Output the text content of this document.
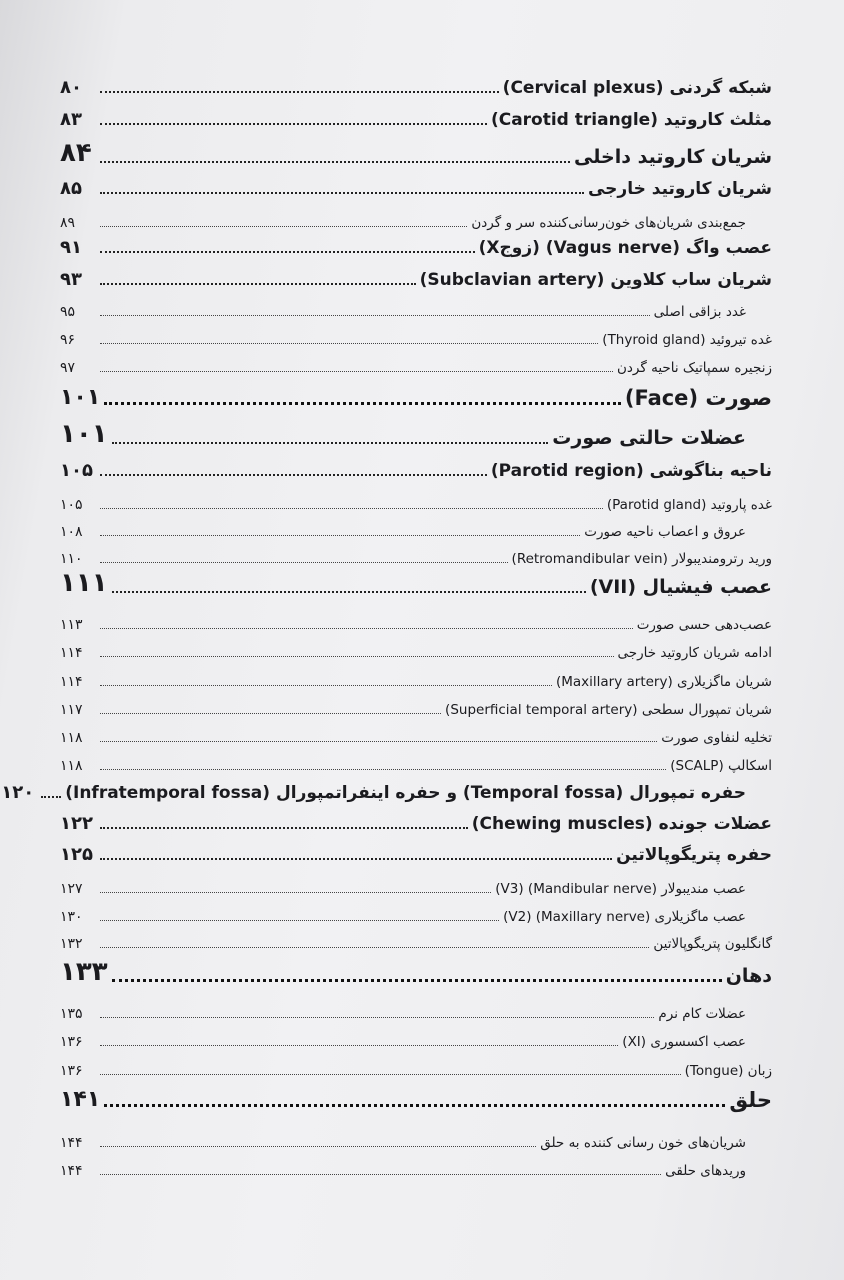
شبکه گردنی (Cervical plexus)
۸۰
مثلث کاروتید (Carotid triangle)
۸۳
شریان کاروتید داخلی
۸۴
شریان کاروتید خارجی
۸۵
جمع‌بندی شریان‌های خون‌رسانی‌کننده سر و گردن
۸۹
عصب واگ (Vagus nerve) (زوجX)
۹۱
شریان ساب کلاوین (Subclavian artery)
۹۳
غدد بزاقی اصلی
۹۵
غده تیروئید (Thyroid gland)
۹۶
زنجیره سمپاتیک ناحیه گردن
۹۷
صورت (Face)
۱۰۱
عضلات حالتی صورت
۱۰۱
ناحیه بناگوشی (Parotid region)
۱۰۵
غده پاروتید (Parotid gland)
۱۰۵
عروق و اعصاب ناحیه صورت
۱۰۸
ورید رترومندیبولار (Retromandibular vein)
۱۱۰
عصب فیشیال (VII)
۱۱۱
عصب‌دهی حسی صورت
۱۱۳
ادامه شریان کاروتید خارجی
۱۱۴
شریان ماگزیلاری (Maxillary artery)
۱۱۴
شریان تمپورال سطحی (Superficial temporal artery)
۱۱۷
تخلیه لنفاوی صورت
۱۱۸
اسکالپ (SCALP)
۱۱۸
حفره تمپورال (Temporal fossa) و حفره اینفراتمپورال (Infratemporal fossa)
۱۲۰
عضلات جونده (Chewing muscles)
۱۲۲
حفره پتریگوپالاتین
۱۲۵
عصب مندیبولار (Mandibular nerve) (V3)
۱۲۷
عصب ماگزیلاری (Maxillary nerve) (V2)
۱۳۰
گانگلیون پتریگوپالاتین
۱۳۲
دهان
۱۳۳
عضلات کام نرم
۱۳۵
عصب اکسسوری (XI)
۱۳۶
زبان (Tongue)
۱۳۶
حلق
۱۴۱
شریان‌های خون رسانی کننده به حلق
۱۴۴
وریدهای حلقی
۱۴۴
